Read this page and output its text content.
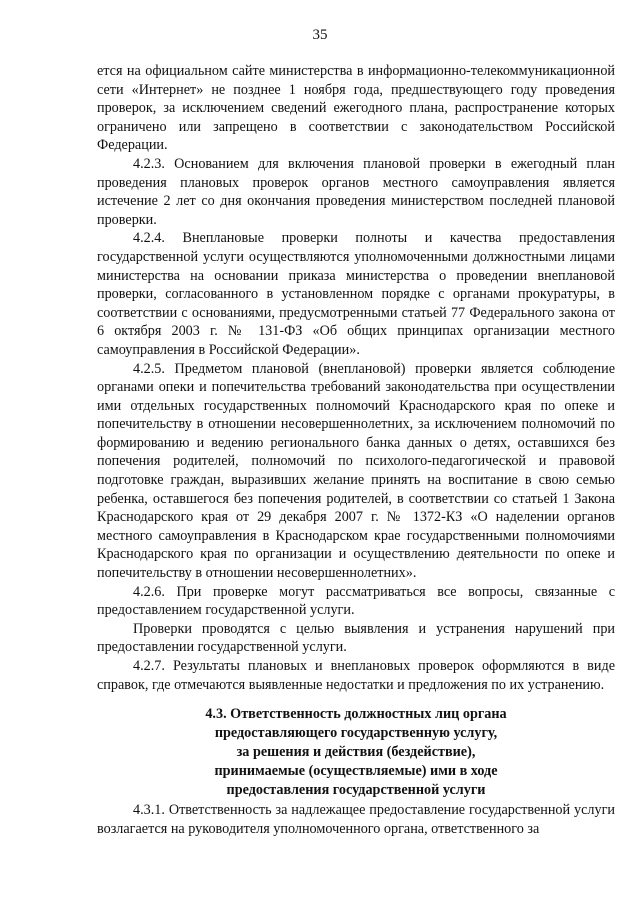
35

ется на официальном сайте министерства в информационно-телекоммуникационной сети «Интернет» не позднее 1 ноября года, предшествующего году проведения проверок, за исключением сведений ежегодного плана, распространение которых ограничено или запрещено в соответствии с законодательством Российской Федерации.

4.2.3. Основанием для включения плановой проверки в ежегодный план проведения плановых проверок органов местного самоуправления является истечение 2 лет со дня окончания проведения министерством последней плановой проверки.

4.2.4. Внеплановые проверки полноты и качества предоставления государственной услуги осуществляются уполномоченными должностными лицами министерства на основании приказа министерства о проведении внеплановой проверки, согласованного в установленном порядке с органами прокуратуры, в соответствии с основаниями, предусмотренными статьей 77 Федерального закона от 6 октября 2003 г. № 131-ФЗ «Об общих принципах организации местного самоуправления в Российской Федерации».

4.2.5. Предметом плановой (внеплановой) проверки является соблюдение органами опеки и попечительства требований законодательства при осуществлении ими отдельных государственных полномочий Краснодарского края по опеке и попечительству в отношении несовершеннолетних, за исключением полномочий по формированию и ведению регионального банка данных о детях, оставшихся без попечения родителей, полномочий по психолого-педагогической и правовой подготовке граждан, выразивших желание принять на воспитание в свою семью ребенка, оставшегося без попечения родителей, в соответствии со статьей 1 Закона Краснодарского края от 29 декабря 2007 г. № 1372-КЗ «О наделении органов местного самоуправления в Краснодарском крае государственными полномочиями Краснодарского края по организации и осуществлению деятельности по опеке и попечительству в отношении несовершеннолетних».

4.2.6. При проверке могут рассматриваться все вопросы, связанные с предоставлением государственной услуги.

Проверки проводятся с целью выявления и устранения нарушений при предоставлении государственной услуги.

4.2.7. Результаты плановых и внеплановых проверок оформляются в виде справок, где отмечаются выявленные недостатки и предложения по их устранению.

4.3. Ответственность должностных лиц органа
предоставляющего государственную услугу,
за решения и действия (бездействие),
принимаемые (осуществляемые) ими в ходе
предоставления государственной услуги

4.3.1. Ответственность за надлежащее предоставление государственной услуги возлагается на руководителя уполномоченного органа, ответственного за
